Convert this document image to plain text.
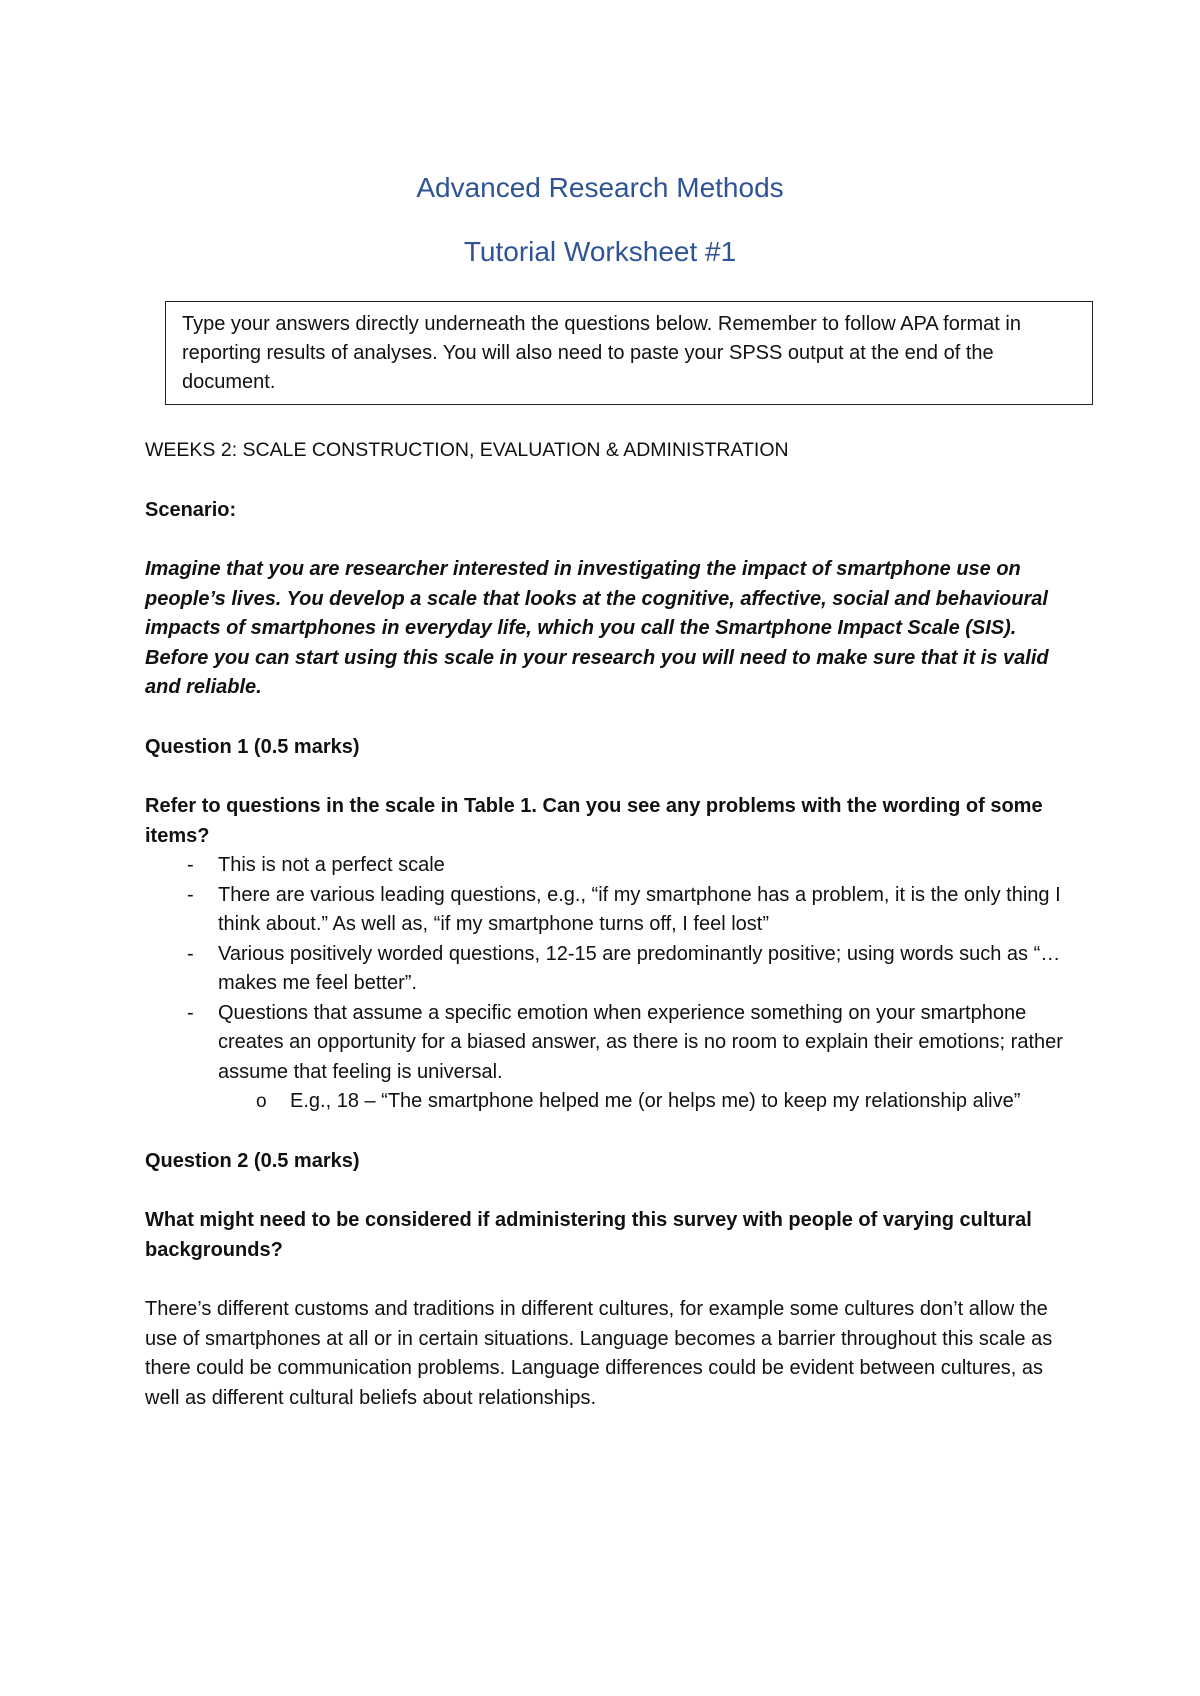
Advanced Research Methods
Tutorial Worksheet #1
Type your answers directly underneath the questions below. Remember to follow APA format in reporting results of analyses. You will also need to paste your SPSS output at the end of the document.

WEEKS 2: SCALE CONSTRUCTION, EVALUATION & ADMINISTRATION

Scenario:

Imagine that you are researcher interested in investigating the impact of smartphone use on people’s lives. You develop a scale that looks at the cognitive, affective, social and behavioural impacts of smartphones in everyday life, which you call the Smartphone Impact Scale (SIS). Before you can start using this scale in your research you will need to make sure that it is valid and reliable.

Question 1 (0.5 marks)

Refer to questions in the scale in Table 1. Can you see any problems with the wording of some items?

- This is not a perfect scale
- There are various leading questions, e.g., “if my smartphone has a problem, it is the only thing I think about.” As well as, “if my smartphone turns off, I feel lost”
- Various positively worded questions, 12-15 are predominantly positive; using words such as “…makes me feel better”.
- Questions that assume a specific emotion when experience something on your smartphone creates an opportunity for a biased answer, as there is no room to explain their emotions; rather assume that feeling is universal.
o E.g., 18 – “The smartphone helped me (or helps me) to keep my relationship alive”

Question 2 (0.5 marks)

What might need to be considered if administering this survey with people of varying cultural backgrounds?

There’s different customs and traditions in different cultures, for example some cultures don’t allow the use of smartphones at all or in certain situations. Language becomes a barrier throughout this scale as there could be communication problems. Language differences could be evident between cultures, as well as different cultural beliefs about relationships.
